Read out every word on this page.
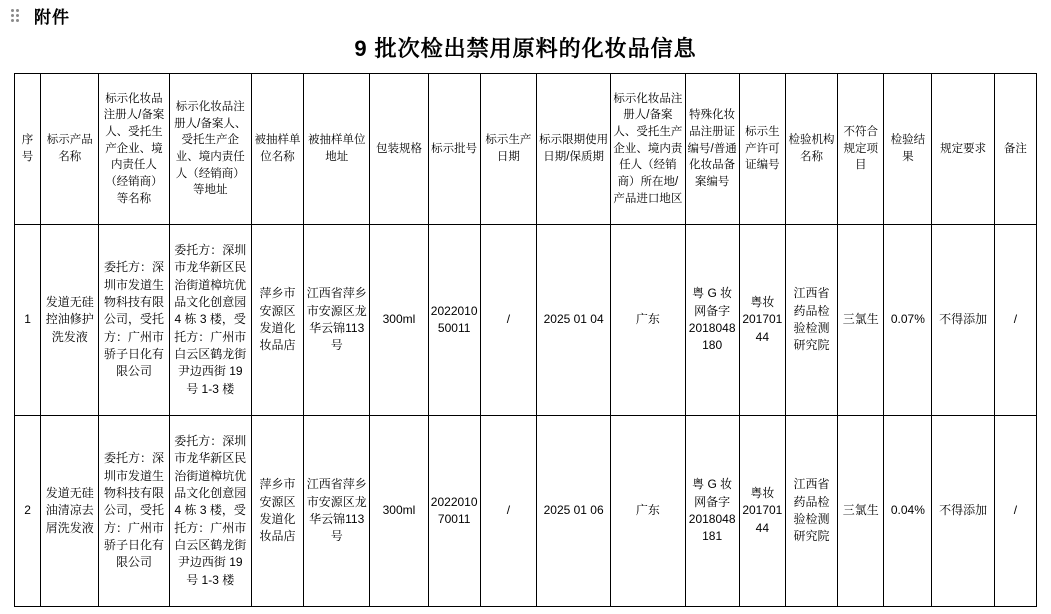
附件
9 批次检出禁用原料的化妆品信息
序号	标示产品名称	标示化妆品注册人/备案人、受托生产企业、境内责任人（经销商）等名称	标示化妆品注册人/备案人、受托生产企业、境内责任人（经销商）等地址	被抽样单位名称	被抽样单位地址	包装规格	标示批号	标示生产日期	标示限期使用日期/保质期	标示化妆品注册人/备案人、受托生产企业、境内责任人（经销商）所在地/产品进口地区	特殊化妆品注册证编号/普通化妆品备案编号	标示生产许可证编号	检验机构名称	不符合规定项目	检验结果	规定要求	备注
1	发道无硅控油修护洗发液	委托方：深圳市发道生物科技有限公司，受托方：广州市骄子日化有限公司	委托方：深圳市龙华新区民治街道樟坑优品文化创意园 4 栋 3 楼，受托方：广州市白云区鹤龙街尹边西街 19 号 1-3 楼	萍乡市安源区发道化妆品店	江西省萍乡市安源区龙华云锦113号	300ml	202201050011	/	2025 01 04	广东	粤 G 妆网备字 2018048180	粤妆 20170144	江西省药品检验检测研究院	三氯生	0.07%	不得添加	/
2	发道无硅油清凉去屑洗发液	委托方：深圳市发道生物科技有限公司，受托方：广州市骄子日化有限公司	委托方：深圳市龙华新区民治街道樟坑优品文化创意园 4 栋 3 楼，受托方：广州市白云区鹤龙街尹边西街 19 号 1-3 楼	萍乡市安源区发道化妆品店	江西省萍乡市安源区龙华云锦113号	300ml	202201070011	/	2025 01 06	广东	粤 G 妆网备字 2018048181	粤妆 20170144	江西省药品检验检测研究院	三氯生	0.04%	不得添加	/
